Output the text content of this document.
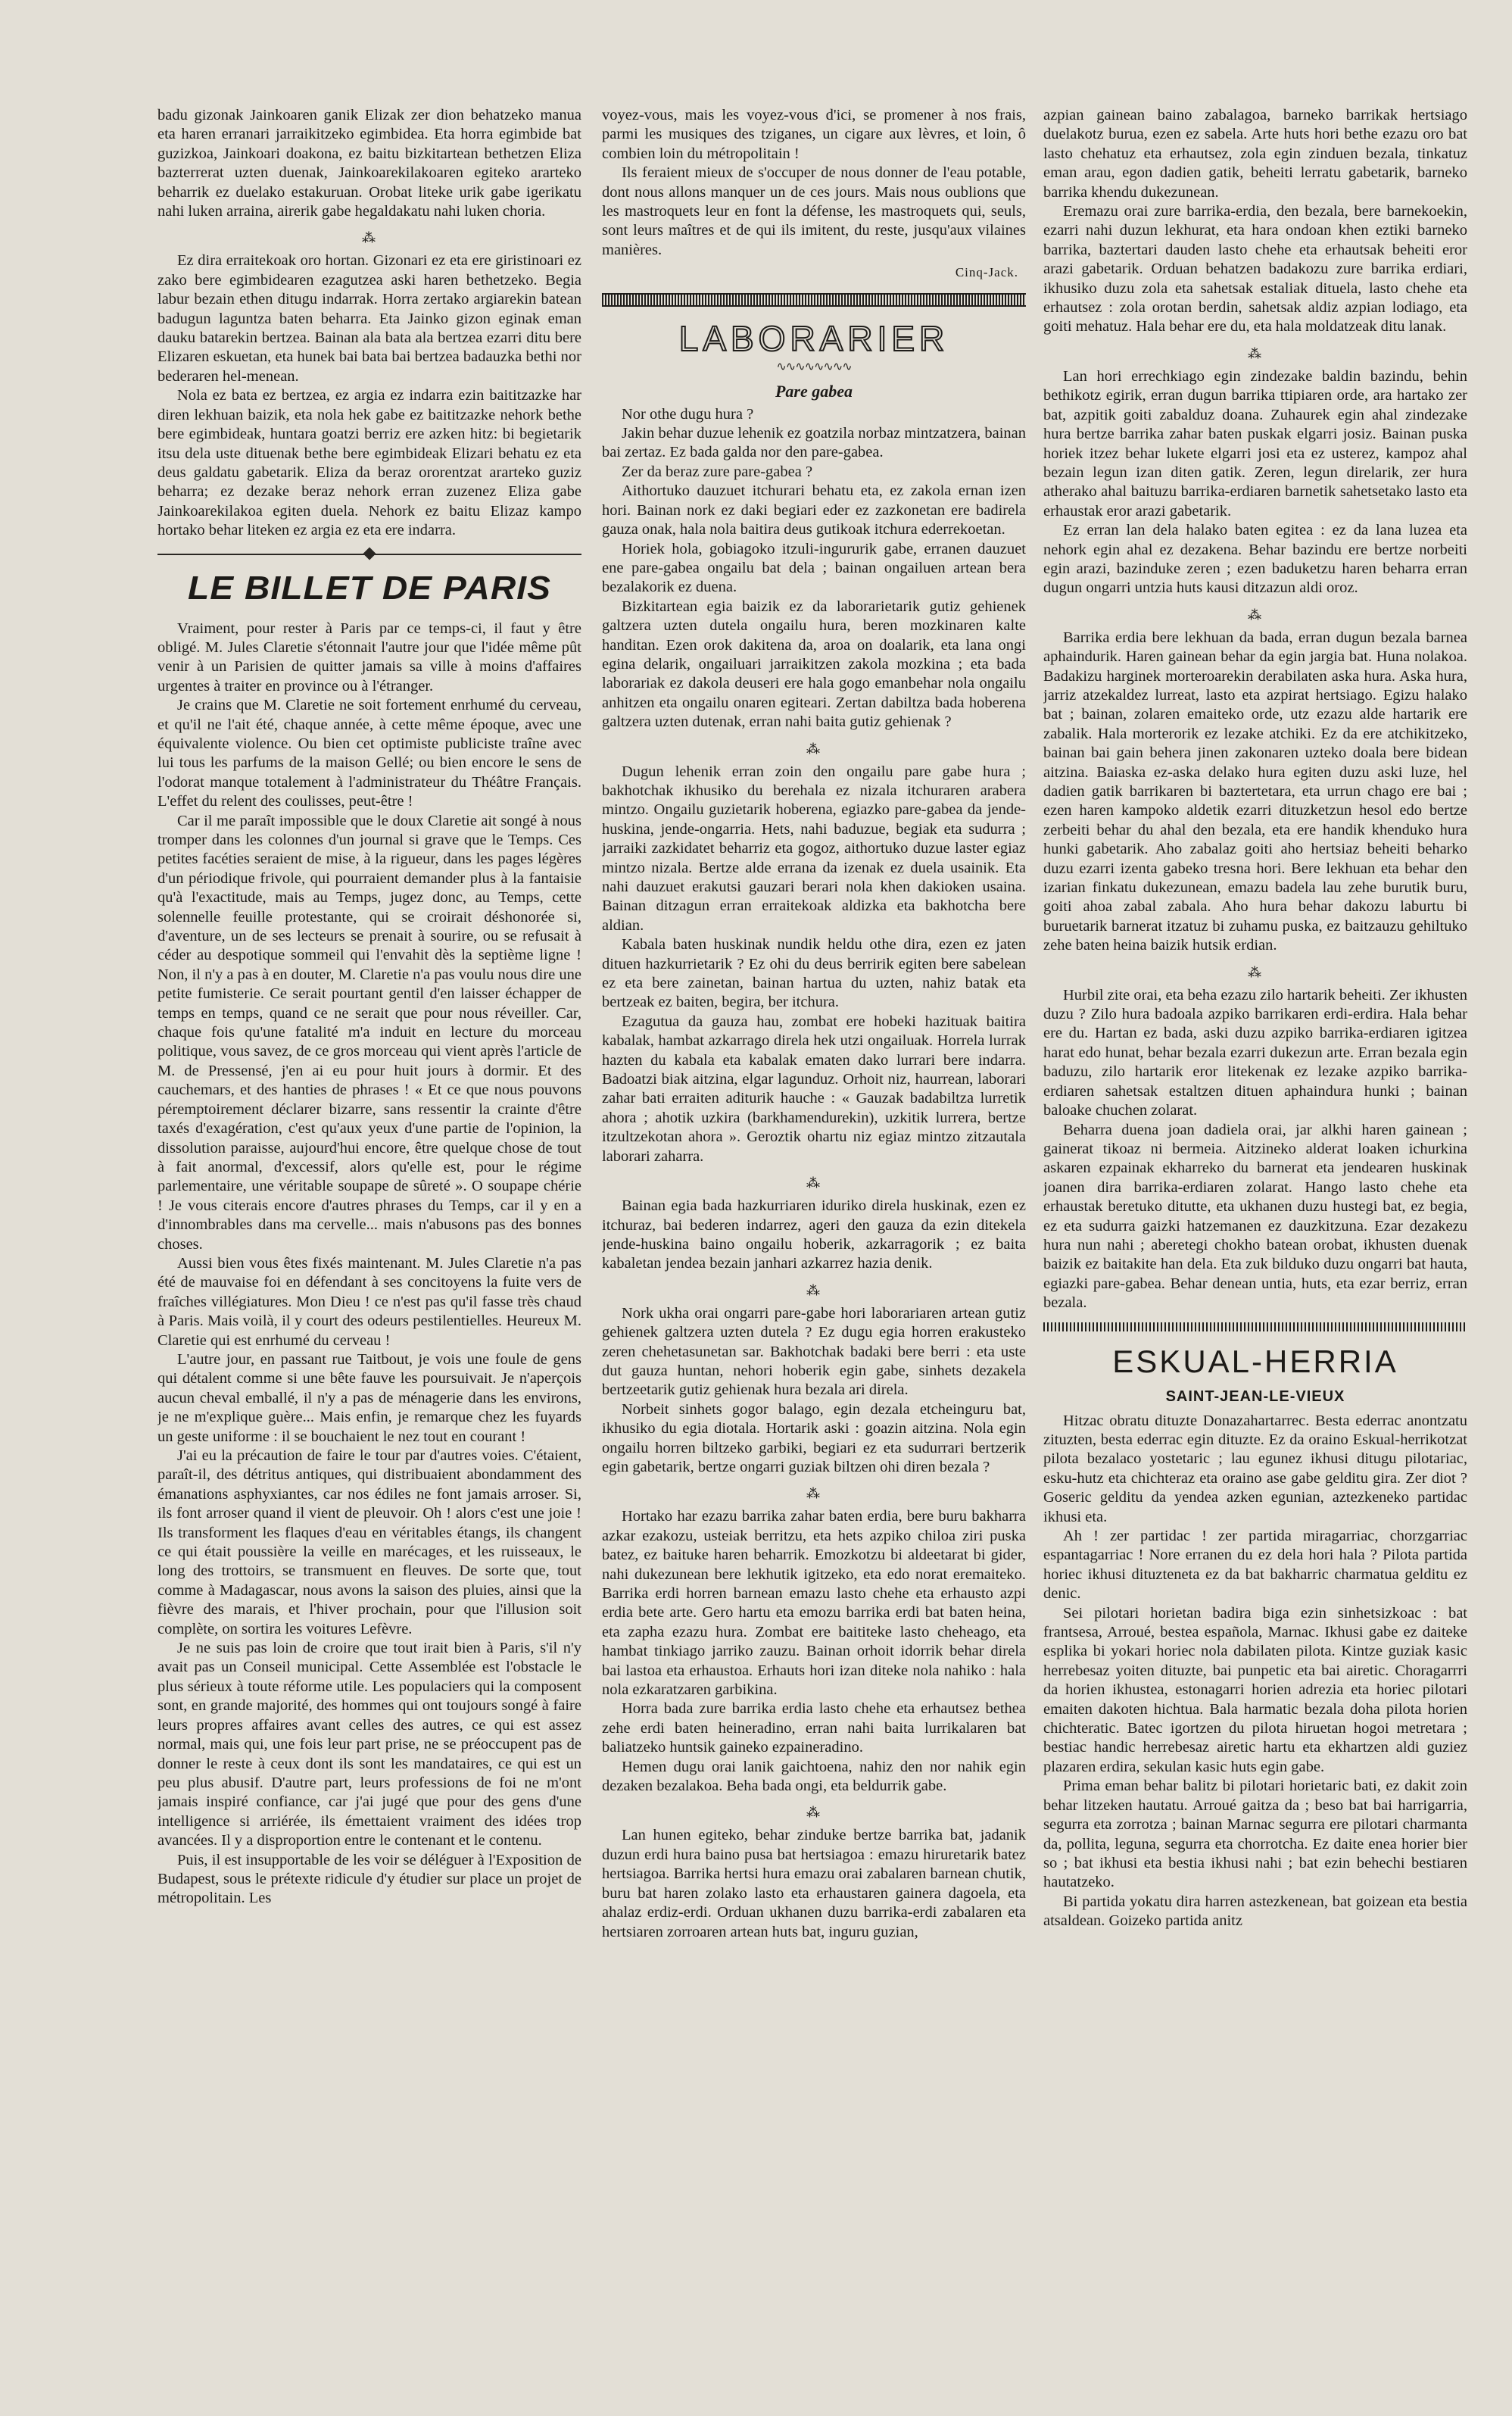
badu gizonak Jainkoaren ganik Elizak zer dion behatzeko manua eta haren erranari jarraikitzeko egimbidea. Eta horra egimbide bat guzizkoa, Jainkoari doakona, ez baitu bizkitartean bethetzen Eliza bazterrerat uzten duenak, Jainkoarekilakoaren egiteko ararteko beharrik ez duelako estakuruan. Orobat liteke urik gabe igerikatu nahi luken arraina, airerik gabe hegaldakatu nahi luken choria.

⁂

Ez dira erraitekoak oro hortan. Gizonari ez eta ere giristinoari ez zako bere egimbidearen ezagutzea aski haren bethetzeko. Begia labur bezain ethen ditugu indarrak. Horra zertako argiarekin batean badugun laguntza baten beharra. Eta Jainko gizon eginak eman dauku batarekin bertzea. Bainan ala bata ala bertzea ezarri ditu bere Elizaren eskuetan, eta hunek bai bata bai bertzea badauzka bethi nor bederaren hel-menean.

Nola ez bata ez bertzea, ez argia ez indarra ezin baititzazke har diren lekhuan baizik, eta nola hek gabe ez baititzazke nehork bethe bere egimbideak, huntara goatzi berriz ere azken hitz: bi begietarik itsu dela uste dituenak bethe bere egimbideak Elizari behatu ez eta deus galdatu gabetarik. Eliza da beraz ororentzat ararteko guziz beharra; ez dezake beraz nehork erran zuzenez Eliza gabe Jainkoarekilakoa egiten duela. Nehork ez baitu Elizaz kampo hortako behar liteken ez argia ez eta ere indarra.

LE BILLET DE PARIS

Vraiment, pour rester à Paris par ce temps-ci, il faut y être obligé. M. Jules Claretie s'étonnait l'autre jour que l'idée même pût venir à un Parisien de quitter jamais sa ville à moins d'affaires urgentes à traiter en province ou à l'étranger.

Je crains que M. Claretie ne soit fortement enrhumé du cerveau, et qu'il ne l'ait été, chaque année, à cette même époque, avec une équivalente violence. Ou bien cet optimiste publiciste traîne avec lui tous les parfums de la maison Gellé; ou bien encore le sens de l'odorat manque totalement à l'administrateur du Théâtre Français. L'effet du relent des coulisses, peut-être !

Car il me paraît impossible que le doux Claretie ait songé à nous tromper dans les colonnes d'un journal si grave que le Temps. Ces petites facéties seraient de mise, à la rigueur, dans les pages légères d'un périodique frivole, qui pourraient demander plus à la fantaisie qu'à l'exactitude, mais au Temps, jugez donc, au Temps, cette solennelle feuille protestante, qui se croirait déshonorée si, d'aventure, un de ses lecteurs se prenait à sourire, ou se refusait à céder au despotique sommeil qui l'envahit dès la septième ligne ! Non, il n'y a pas à en douter, M. Claretie n'a pas voulu nous dire une petite fumisterie. Ce serait pourtant gentil d'en laisser échapper de temps en temps, quand ce ne serait que pour nous réveiller. Car, chaque fois qu'une fatalité m'a induit en lecture du morceau politique, vous savez, de ce gros morceau qui vient après l'article de M. de Pressensé, j'en ai eu pour huit jours à dormir. Et des cauchemars, et des hanties de phrases ! « Et ce que nous pouvons péremptoirement déclarer bizarre, sans ressentir la crainte d'être taxés d'exagération, c'est qu'aux yeux d'une partie de l'opinion, la dissolution paraisse, aujourd'hui encore, être quelque chose de tout à fait anormal, d'excessif, alors qu'elle est, pour le régime parlementaire, une véritable soupape de sûreté ». O soupape chérie ! Je vous citerais encore d'autres phrases du Temps, car il y en a d'innombrables dans ma cervelle... mais n'abusons pas des bonnes choses.

Aussi bien vous êtes fixés maintenant. M. Jules Claretie n'a pas été de mauvaise foi en défendant à ses concitoyens la fuite vers de fraîches villégiatures. Mon Dieu ! ce n'est pas qu'il fasse très chaud à Paris. Mais voilà, il y court des odeurs pestilentielles. Heureux M. Claretie qui est enrhumé du cerveau !

L'autre jour, en passant rue Taitbout, je vois une foule de gens qui détalent comme si une bête fauve les poursuivait. Je n'aperçois aucun cheval emballé, il n'y a pas de ménagerie dans les environs, je ne m'explique guère... Mais enfin, je remarque chez les fuyards un geste uniforme : il se bouchaient le nez tout en courant !

J'ai eu la précaution de faire le tour par d'autres voies. C'étaient, paraît-il, des détritus antiques, qui distribuaient abondamment des émanations asphyxiantes, car nos édiles ne font jamais arroser. Si, ils font arroser quand il vient de pleuvoir. Oh ! alors c'est une joie ! Ils transforment les flaques d'eau en véritables étangs, ils changent ce qui était poussière la veille en marécages, et les ruisseaux, le long des trottoirs, se transmuent en fleuves. De sorte que, tout comme à Madagascar, nous avons la saison des pluies, ainsi que la fièvre des marais, et l'hiver prochain, pour que l'illusion soit complète, on sortira les voitures Lefèvre.

Je ne suis pas loin de croire que tout irait bien à Paris, s'il n'y avait pas un Conseil municipal. Cette Assemblée est l'obstacle le plus sérieux à toute réforme utile. Les populaciers qui la composent sont, en grande majorité, des hommes qui ont toujours songé à faire leurs propres affaires avant celles des autres, ce qui est assez normal, mais qui, une fois leur part prise, ne se préoccupent pas de donner le reste à ceux dont ils sont les mandataires, ce qui est un peu plus abusif. D'autre part, leurs professions de foi ne m'ont jamais inspiré confiance, car j'ai jugé que pour des gens d'une intelligence si arriérée, ils émettaient vraiment des idées trop avancées. Il y a disproportion entre le contenant et le contenu.

Puis, il est insupportable de les voir se déléguer à l'Exposition de Budapest, sous le prétexte ridicule d'y étudier sur place un projet de métropolitain. Les

voyez-vous, mais les voyez-vous d'ici, se promener à nos frais, parmi les musiques des tziganes, un cigare aux lèvres, et loin, ô combien loin du métropolitain !

Ils feraient mieux de s'occuper de nous donner de l'eau potable, dont nous allons manquer un de ces jours. Mais nous oublions que les mastroquets leur en font la défense, les mastroquets qui, seuls, sont leurs maîtres et de qui ils imitent, du reste, jusqu'aux vilaines manières.

Cinq-Jack.
LABORARIER
∿∿∿∿∿∿∿∿
Pare gabea

Nor othe dugu hura ?

Jakin behar duzue lehenik ez goatzila norbaz mintzatzera, bainan bai zertaz. Ez bada galda nor den pare-gabea.

Zer da beraz zure pare-gabea ?

Aithortuko dauzuet itchurari behatu eta, ez zakola ernan izen hori. Bainan nork ez daki begiari eder ez zazkonetan ere badirela gauza onak, hala nola baitira deus gutikoak itchura ederrekoetan.

Horiek hola, gobiagoko itzuli-ingururik gabe, erranen dauzuet ene pare-gabea ongailu bat dela ; bainan ongailuen artean bera bezalakorik ez duena.

Bizkitartean egia baizik ez da laborarietarik gutiz gehienek galtzera uzten dutela ongailu hura, beren mozkinaren kalte handitan. Ezen orok dakitena da, aroa on doalarik, eta lana ongi egina delarik, ongailuari jarraikitzen zakola mozkina ; eta bada laborariak ez dakola deuseri ere hala gogo emanbehar nola ongailu anhitzen eta ongailu onaren egiteari. Zertan dabiltza bada hoberena galtzera uzten dutenak, erran nahi baita gutiz gehienak ?

⁂

Dugun lehenik erran zoin den ongailu pare gabe hura ; bakhotchak ikhusiko du berehala ez nizala itchuraren arabera mintzo. Ongailu guzietarik hoberena, egiazko pare-gabea da jende-huskina, jende-ongarria. Hets, nahi baduzue, begiak eta sudurra ; jarraiki zazkidatet beharriz eta gogoz, aithortuko duzue laster egiaz mintzo nizala. Bertze alde errana da izenak ez duela usainik. Eta nahi dauzuet erakutsi gauzari berari nola khen dakioken usaina. Bainan ditzagun erran erraitekoak aldizka eta bakhotcha bere aldian.

Kabala baten huskinak nundik heldu othe dira, ezen ez jaten dituen hazkurrietarik ? Ez ohi du deus berririk egiten bere sabelean ez eta bere zainetan, bainan hartua du uzten, nahiz batak eta bertzeak ez baiten, begira, ber itchura.

Ezagutua da gauza hau, zombat ere hobeki hazituak baitira kabalak, hambat azkarrago direla hek utzi ongailuak. Horrela lurrak hazten du kabala eta kabalak ematen dako lurrari bere indarra. Badoatzi biak aitzina, elgar lagunduz. Orhoit niz, haurrean, laborari zahar bati erraiten aditurik hauche : « Gauzak badabiltza lurretik ahora ; ahotik uzkira (barkhamendurekin), uzkitik lurrera, bertze itzultzekotan ahora ». Geroztik ohartu niz egiaz mintzo zitzautala laborari zaharra.

⁂

Bainan egia bada hazkurriaren iduriko direla huskinak, ezen ez itchuraz, bai bederen indarrez, ageri den gauza da ezin ditekela jende-huskina baino ongailu hoberik, azkarragorik ; ez baita kabaletan jendea bezain janhari azkarrez hazia denik.

⁂

Nork ukha orai ongarri pare-gabe hori laborariaren artean gutiz gehienek galtzera uzten dutela ? Ez dugu egia horren erakusteko zeren chehetasunetan sar. Bakhotchak badaki bere berri : eta uste dut gauza huntan, nehori hoberik egin gabe, sinhets dezakela bertzeetarik gutiz gehienak hura bezala ari direla.

Norbeit sinhets gogor balago, egin dezala etcheinguru bat, ikhusiko du egia diotala. Hortarik aski : goazin aitzina. Nola egin ongailu horren biltzeko garbiki, begiari ez eta sudurrari bertzerik egin gabetarik, bertze ongarri guziak biltzen ohi diren bezala ?

⁂

Hortako har ezazu barrika zahar baten erdia, bere buru bakharra azkar ezakozu, usteiak berritzu, eta hets azpiko chiloa ziri puska batez, ez baituke haren beharrik. Emozkotzu bi aldeetarat bi gider, nahi dukezunean bere lekhutik igitzeko, eta edo norat eremaiteko. Barrika erdi horren barnean emazu lasto chehe eta erhausto azpi erdia bete arte. Gero hartu eta emozu barrika erdi bat baten heina, eta zapha ezazu hura. Zombat ere baititeke lasto cheheago, eta hambat tinkiago jarriko zauzu. Bainan orhoit idorrik behar direla bai lastoa eta erhaustoa. Erhauts hori izan diteke nola nahiko : hala nola ezkaratzaren garbikina.

Horra bada zure barrika erdia lasto chehe eta erhautsez bethea zehe erdi baten heineradino, erran nahi baita lurrikalaren bat baliatzeko huntsik gaineko ezpaineradino.

Hemen dugu orai lanik gaichtoena, nahiz den nor nahik egin dezaken bezalakoa. Beha bada ongi, eta beldurrik gabe.

⁂

Lan hunen egiteko, behar zinduke bertze barrika bat, jadanik duzun erdi hura baino pusa bat hertsiagoa : emazu hiruretarik batez hertsiagoa. Barrika hertsi hura emazu orai zabalaren barnean chutik, buru bat haren zolako lasto eta erhaustaren gainera dagoela, eta ahalaz erdiz-erdi. Orduan ukhanen duzu barrika-erdi zabalaren eta hertsiaren zorroaren artean huts bat, inguru guzian,

azpian gainean baino zabalagoa, barneko barrikak hertsiago duelakotz burua, ezen ez sabela. Arte huts hori bethe ezazu oro bat lasto chehatuz eta erhautsez, zola egin zinduen bezala, tinkatuz eman arau, egon dadien gatik, beheiti lerratu gabetarik, barneko barrika khendu dukezunean.

Eremazu orai zure barrika-erdia, den bezala, bere barnekoekin, ezarri nahi duzun lekhurat, eta hara ondoan khen eztiki barneko barrika, baztertari dauden lasto chehe eta erhautsak beheiti eror arazi gabetarik. Orduan behatzen badakozu zure barrika erdiari, ikhusiko duzu zola eta sahetsak estaliak dituela, lasto chehe eta erhautsez : zola orotan berdin, sahetsak aldiz azpian lodiago, eta goiti mehatuz. Hala behar ere du, eta hala moldatzeak ditu lanak.

⁂

Lan hori errechkiago egin zindezake baldin bazindu, behin bethikotz egirik, erran dugun barrika ttipiaren orde, ara hartako zer bat, azpitik goiti zabalduz doana. Zuhaurek egin ahal zindezake hura bertze barrika zahar baten puskak elgarri josiz. Bainan puska horiek itzez behar lukete elgarri josi eta ez usterez, kampoz ahal bezain legun izan diten gatik. Zeren, legun direlarik, zer hura atherako ahal baituzu barrika-erdiaren barnetik sahetsetako lasto eta erhaustak eror arazi gabetarik.

Ez erran lan dela halako baten egitea : ez da lana luzea eta nehork egin ahal ez dezakena. Behar bazindu ere bertze norbeiti egin arazi, bazinduke zeren ; ezen baduketzu haren beharra erran dugun ongarri untzia huts kausi ditzazun aldi oroz.

⁂

Barrika erdia bere lekhuan da bada, erran dugun bezala barnea aphaindurik. Haren gainean behar da egin jargia bat. Huna nolakoa. Badakizu harginek morteroarekin derabilaten aska hura. Aska hura, jarriz atzekaldez lurreat, lasto eta azpirat hertsiago. Egizu halako bat ; bainan, zolaren emaiteko orde, utz ezazu alde hartarik ere zabalik. Hala morterorik ez lezake atchiki. Ez da ere atchikitzeko, bainan bai gain behera jinen zakonaren uzteko doala bere bidean aitzina. Baiaska ez-aska delako hura egiten duzu aski luze, hel dadien gatik barrikaren bi baztertetara, eta urrun chago ere bai ; ezen haren kampoko aldetik ezarri dituzketzun hesol edo bertze zerbeiti behar du ahal den bezala, eta ere handik khenduko hura hunki gabetarik. Aho zabalaz goiti aho hertsiaz beheiti beharko duzu ezarri izenta gabeko tresna hori. Bere lekhuan eta behar den izarian finkatu dukezunean, emazu badela lau zehe burutik buru, goiti ahoa zabal zabala. Aho hura behar dakozu laburtu bi buruetarik barnerat itzatuz bi zuhamu puska, ez baitzauzu gehiltuko zehe baten heina baizik hutsik erdian.

⁂

Hurbil zite orai, eta beha ezazu zilo hartarik beheiti. Zer ikhusten duzu ? Zilo hura badoala azpiko barrikaren erdi-erdira. Hala behar ere du. Hartan ez bada, aski duzu azpiko barrika-erdiaren igitzea harat edo hunat, behar bezala ezarri dukezun arte. Erran bezala egin baduzu, zilo hartarik eror litekenak ez lezake azpiko barrika-erdiaren sahetsak estaltzen dituen aphaindura hunki ; bainan baloake chuchen zolarat.

Beharra duena joan dadiela orai, jar alkhi haren gainean ; gainerat tikoaz ni bermeia. Aitzineko alderat loaken ichurkina askaren ezpainak ekharreko du barnerat eta jendearen huskinak joanen dira barrika-erdiaren zolarat. Hango lasto chehe eta erhaustak beretuko ditutte, eta ukhanen duzu hustegi bat, ez begia, ez eta sudurra gaizki hatzemanen ez dauzkitzuna. Ezar dezakezu hura nun nahi ; aberetegi chokho batean orobat, ikhusten duenak baizik ez baitakite han dela. Eta zuk bilduko duzu ongarri bat hauta, egiazki pare-gabea. Behar denean untia, huts, eta ezar berriz, erran bezala.

ESKUAL-HERRIA
SAINT-JEAN-LE-VIEUX

Hitzac obratu dituzte Donazahartarrec. Besta ederrac anontzatu zituzten, besta ederrac egin dituzte. Ez da oraino Eskual-herrikotzat pilota bezalaco yostetaric ; lau egunez ikhusi ditugu pilotariac, esku-hutz eta chichteraz eta oraino ase gabe gelditu gira. Zer diot ? Goseric gelditu da yendea azken egunian, aztezkeneko partidac ikhusi eta.

Ah ! zer partidac ! zer partida miragarriac, chorzgarriac espantagarriac ! Nore erranen du ez dela hori hala ? Pilota partida horiec ikhusi dituzteneta ez da bat bakharric charmatua gelditu ez denic.

Sei pilotari horietan badira biga ezin sinhetsizkoac : bat frantsesa, Arroué, bestea española, Marnac. Ikhusi gabe ez daiteke esplika bi yokari horiec nola dabilaten pilota. Kintze guziak kasic herrebesaz yoiten dituzte, bai punpetic eta bai airetic. Choragarrri da horien ikhustea, estonagarri horien adrezia eta horiec pilotari emaiten dakoten hichtua. Bala harmatic bezala doha pilota horien chichteratic. Batec igortzen du pilota hiruetan hogoi metretara ; bestiac handic herrebesaz airetic hartu eta ekhartzen aldi guziez plazaren erdira, sekulan kasic huts egin gabe.

Prima eman behar balitz bi pilotari horietaric bati, ez dakit zoin behar litzeken hautatu. Arroué gaitza da ; beso bat bai harrigarria, segurra eta zorrotza ; bainan Marnac segurra ere pilotari charmanta da, pollita, leguna, segurra eta chorrotcha. Ez daite enea horier bier so ; bat ikhusi eta bestia ikhusi nahi ; bat ezin behechi bestiaren hautatzeko.

Bi partida yokatu dira harren astezkenean, bat goizean eta bestia atsaldean. Goizeko partida anitz
